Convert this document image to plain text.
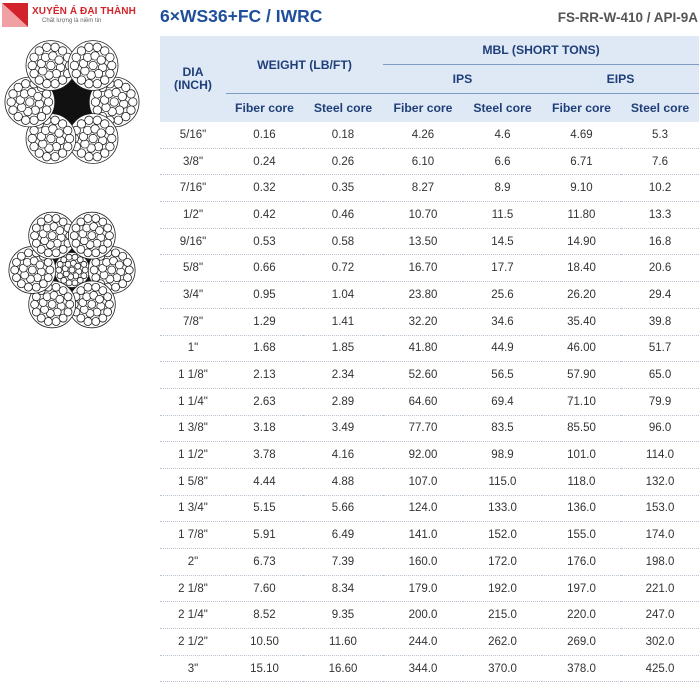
XUYÊN Á ĐẠI THÀNH
Chất lượng là niềm tin	6×WS36+FC / IWRC	FS-RR-W-410 / API-9A
DIA
(INCH)	WEIGHT (LB/FT)		MBL (SHORT TONS)			
			IPS		EIPS	
	Fiber core	Steel core	Fiber core	Steel core	Fiber core	Steel core
5/16"	0.16	0.18	4.26	4.6	4.69	5.3
3/8"	0.24	0.26	6.10	6.6	6.71	7.6
7/16"	0.32	0.35	8.27	8.9	9.10	10.2
1/2"	0.42	0.46	10.70	11.5	11.80	13.3
9/16"	0.53	0.58	13.50	14.5	14.90	16.8
5/8"	0.66	0.72	16.70	17.7	18.40	20.6
3/4"	0.95	1.04	23.80	25.6	26.20	29.4
7/8"	1.29	1.41	32.20	34.6	35.40	39.8
1"	1.68	1.85	41.80	44.9	46.00	51.7
1 1/8"	2.13	2.34	52.60	56.5	57.90	65.0
1 1/4"	2.63	2.89	64.60	69.4	71.10	79.9
1 3/8"	3.18	3.49	77.70	83.5	85.50	96.0
1 1/2"	3.78	4.16	92.00	98.9	101.0	114.0
1 5/8"	4.44	4.88	107.0	115.0	118.0	132.0
1 3/4"	5.15	5.66	124.0	133.0	136.0	153.0
1 7/8"	5.91	6.49	141.0	152.0	155.0	174.0
2"	6.73	7.39	160.0	172.0	176.0	198.0
2 1/8"	7.60	8.34	179.0	192.0	197.0	221.0
2 1/4"	8.52	9.35	200.0	215.0	220.0	247.0
2 1/2"	10.50	11.60	244.0	262.0	269.0	302.0
3"	15.10	16.60	344.0	370.0	378.0	425.0
